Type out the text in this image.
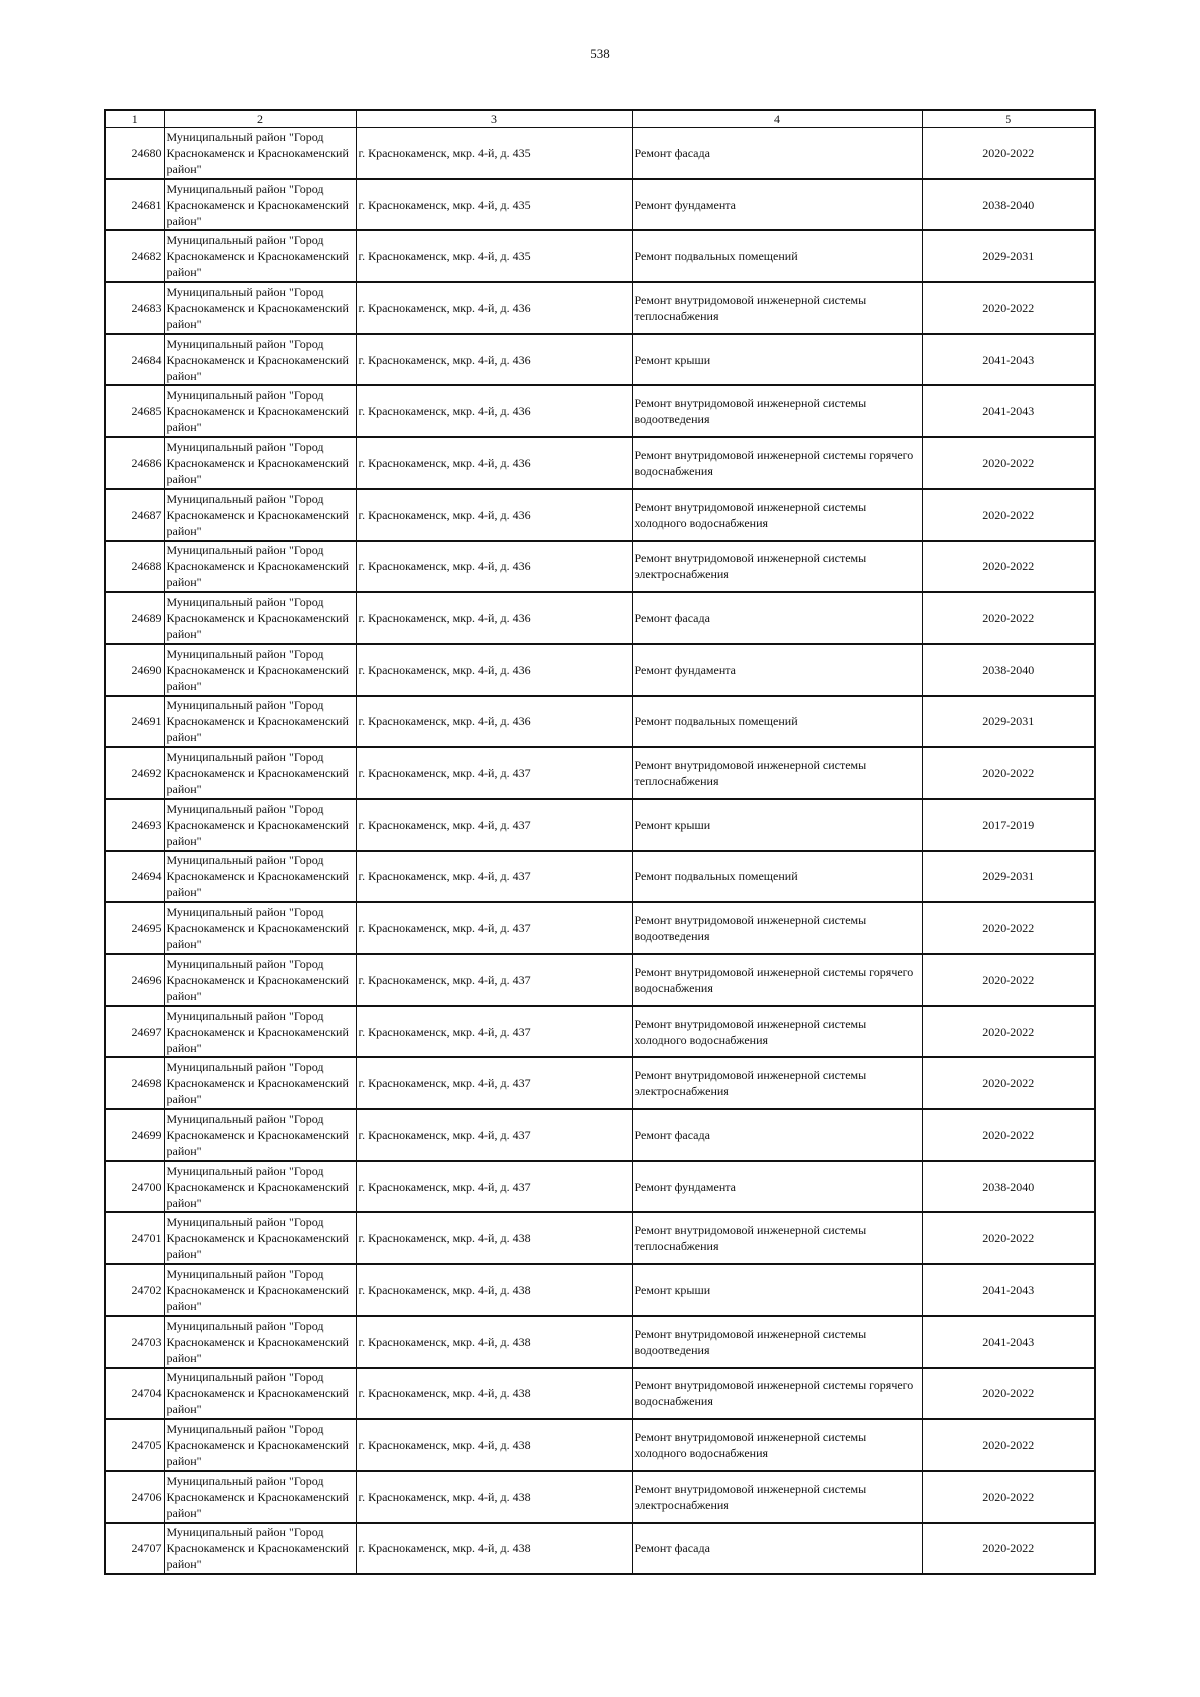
538
1	2	3	4	5
24680	Муниципальный район "Город Краснокаменск и Краснокаменский район"	г. Краснокаменск, мкр. 4-й, д. 435	Ремонт фасада	2020-2022
24681	Муниципальный район "Город Краснокаменск и Краснокаменский район"	г. Краснокаменск, мкр. 4-й, д. 435	Ремонт фундамента	2038-2040
24682	Муниципальный район "Город Краснокаменск и Краснокаменский район"	г. Краснокаменск, мкр. 4-й, д. 435	Ремонт подвальных помещений	2029-2031
24683	Муниципальный район "Город Краснокаменск и Краснокаменский район"	г. Краснокаменск, мкр. 4-й, д. 436	Ремонт внутридомовой инженерной системы теплоснабжения	2020-2022
24684	Муниципальный район "Город Краснокаменск и Краснокаменский район"	г. Краснокаменск, мкр. 4-й, д. 436	Ремонт крыши	2041-2043
24685	Муниципальный район "Город Краснокаменск и Краснокаменский район"	г. Краснокаменск, мкр. 4-й, д. 436	Ремонт внутридомовой инженерной системы водоотведения	2041-2043
24686	Муниципальный район "Город Краснокаменск и Краснокаменский район"	г. Краснокаменск, мкр. 4-й, д. 436	Ремонт внутридомовой инженерной системы горячего водоснабжения	2020-2022
24687	Муниципальный район "Город Краснокаменск и Краснокаменский район"	г. Краснокаменск, мкр. 4-й, д. 436	Ремонт внутридомовой инженерной системы холодного водоснабжения	2020-2022
24688	Муниципальный район "Город Краснокаменск и Краснокаменский район"	г. Краснокаменск, мкр. 4-й, д. 436	Ремонт внутридомовой инженерной системы электроснабжения	2020-2022
24689	Муниципальный район "Город Краснокаменск и Краснокаменский район"	г. Краснокаменск, мкр. 4-й, д. 436	Ремонт фасада	2020-2022
24690	Муниципальный район "Город Краснокаменск и Краснокаменский район"	г. Краснокаменск, мкр. 4-й, д. 436	Ремонт фундамента	2038-2040
24691	Муниципальный район "Город Краснокаменск и Краснокаменский район"	г. Краснокаменск, мкр. 4-й, д. 436	Ремонт подвальных помещений	2029-2031
24692	Муниципальный район "Город Краснокаменск и Краснокаменский район"	г. Краснокаменск, мкр. 4-й, д. 437	Ремонт внутридомовой инженерной системы теплоснабжения	2020-2022
24693	Муниципальный район "Город Краснокаменск и Краснокаменский район"	г. Краснокаменск, мкр. 4-й, д. 437	Ремонт крыши	2017-2019
24694	Муниципальный район "Город Краснокаменск и Краснокаменский район"	г. Краснокаменск, мкр. 4-й, д. 437	Ремонт подвальных помещений	2029-2031
24695	Муниципальный район "Город Краснокаменск и Краснокаменский район"	г. Краснокаменск, мкр. 4-й, д. 437	Ремонт внутридомовой инженерной системы водоотведения	2020-2022
24696	Муниципальный район "Город Краснокаменск и Краснокаменский район"	г. Краснокаменск, мкр. 4-й, д. 437	Ремонт внутридомовой инженерной системы горячего водоснабжения	2020-2022
24697	Муниципальный район "Город Краснокаменск и Краснокаменский район"	г. Краснокаменск, мкр. 4-й, д. 437	Ремонт внутридомовой инженерной системы холодного водоснабжения	2020-2022
24698	Муниципальный район "Город Краснокаменск и Краснокаменский район"	г. Краснокаменск, мкр. 4-й, д. 437	Ремонт внутридомовой инженерной системы электроснабжения	2020-2022
24699	Муниципальный район "Город Краснокаменск и Краснокаменский район"	г. Краснокаменск, мкр. 4-й, д. 437	Ремонт фасада	2020-2022
24700	Муниципальный район "Город Краснокаменск и Краснокаменский район"	г. Краснокаменск, мкр. 4-й, д. 437	Ремонт фундамента	2038-2040
24701	Муниципальный район "Город Краснокаменск и Краснокаменский район"	г. Краснокаменск, мкр. 4-й, д. 438	Ремонт внутридомовой инженерной системы теплоснабжения	2020-2022
24702	Муниципальный район "Город Краснокаменск и Краснокаменский район"	г. Краснокаменск, мкр. 4-й, д. 438	Ремонт крыши	2041-2043
24703	Муниципальный район "Город Краснокаменск и Краснокаменский район"	г. Краснокаменск, мкр. 4-й, д. 438	Ремонт внутридомовой инженерной системы водоотведения	2041-2043
24704	Муниципальный район "Город Краснокаменск и Краснокаменский район"	г. Краснокаменск, мкр. 4-й, д. 438	Ремонт внутридомовой инженерной системы горячего водоснабжения	2020-2022
24705	Муниципальный район "Город Краснокаменск и Краснокаменский район"	г. Краснокаменск, мкр. 4-й, д. 438	Ремонт внутридомовой инженерной системы холодного водоснабжения	2020-2022
24706	Муниципальный район "Город Краснокаменск и Краснокаменский район"	г. Краснокаменск, мкр. 4-й, д. 438	Ремонт внутридомовой инженерной системы электроснабжения	2020-2022
24707	Муниципальный район "Город Краснокаменск и Краснокаменский район"	г. Краснокаменск, мкр. 4-й, д. 438	Ремонт фасада	2020-2022
